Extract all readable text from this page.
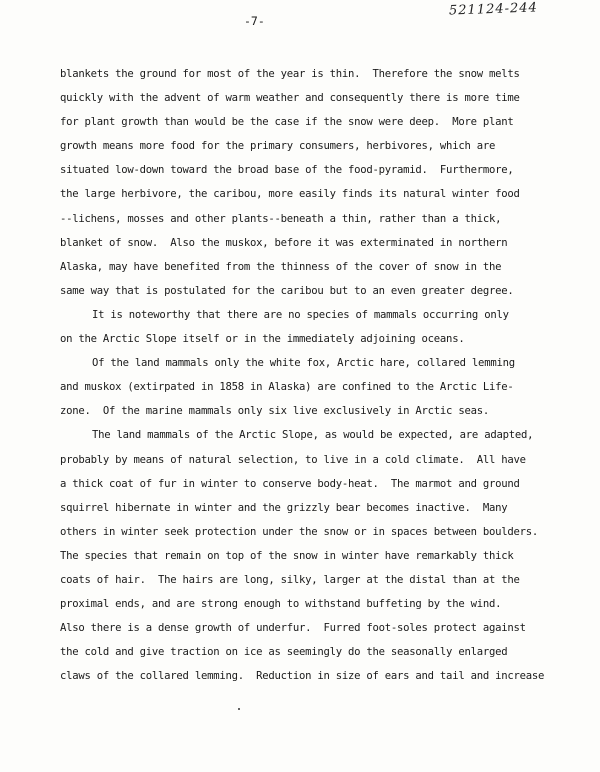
521124-244
-7-
blankets the ground for most of the year is thin.  Therefore the snow melts
quickly with the advent of warm weather and consequently there is more time
for plant growth than would be the case if the snow were deep.  More plant
growth means more food for the primary consumers, herbivores, which are
situated low-down toward the broad base of the food-pyramid.  Furthermore,
the large herbivore, the caribou, more easily finds its natural winter food
--lichens, mosses and other plants--beneath a thin, rather than a thick,
blanket of snow.  Also the muskox, before it was exterminated in northern
Alaska, may have benefited from the thinness of the cover of snow in the
same way that is postulated for the caribou but to an even greater degree.
It is noteworthy that there are no species of mammals occurring only
on the Arctic Slope itself or in the immediately adjoining oceans.
Of the land mammals only the white fox, Arctic hare, collared lemming
and muskox (extirpated in 1858 in Alaska) are confined to the Arctic Life-
zone.  Of the marine mammals only six live exclusively in Arctic seas.
The land mammals of the Arctic Slope, as would be expected, are adapted,
probably by means of natural selection, to live in a cold climate.  All have
a thick coat of fur in winter to conserve body-heat.  The marmot and ground
squirrel hibernate in winter and the grizzly bear becomes inactive.  Many
others in winter seek protection under the snow or in spaces between boulders.
The species that remain on top of the snow in winter have remarkably thick
coats of hair.  The hairs are long, silky, larger at the distal than at the
proximal ends, and are strong enough to withstand buffeting by the wind.
Also there is a dense growth of underfur.  Furred foot-soles protect against
the cold and give traction on ice as seemingly do the seasonally enlarged
claws of the collared lemming.  Reduction in size of ears and tail and increase
